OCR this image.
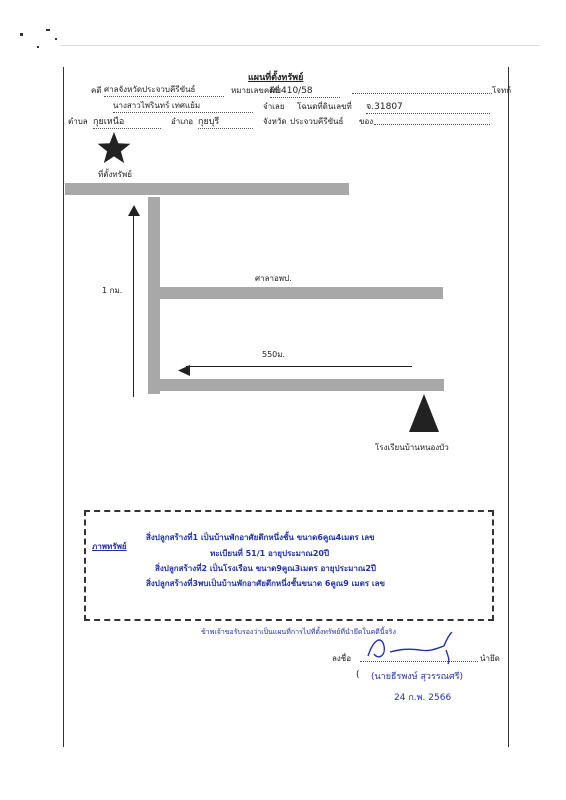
แผนที่ตั้งทรัพย์
คดี ศาลจังหวัดประจวบคีรีขันธ์	หมายเลขคดีที่
ผบ410/58	โจทก์
นางสาวไพรินทร์ เทศแย้ม	จำเลย โฉนดที่ดินเลขที่ จ.31807
ตำบล กุยเหนือ	อำเภอ กุยบุรี	จังหวัด ประจวบคีรีขันธ์ ของ
ที่ตั้งทรัพย์
ศาลาอพป.
1 กม.
550ม.
โรงเรียนบ้านหนองบัว
ภาพทรัพย์
สิ่งปลูกสร้างที่1 เป็นบ้านพักอาศัยตึกหนึ่งชั้น ขนาด6คูณ4เมตร เลข
ทะเบียนที่ 51/1 อายุประมาณ20ปี
สิ่งปลูกสร้างที่2 เป็นโรงเรือน ขนาด9คูณ3เมตร อายุประมาณ2ปี
สิ่งปลูกสร้างที่3พบเป็นบ้านพักอาศัยตึกหนึ่งชั้นขนาด 6คูณ9 เมตร เลข
ข้าพเจ้าขอรับรองว่าเป็นแผนที่การไปที่ตั้งทรัพย์ที่นำยึดในคดีนี้จริง
ลงชื่อ	นำยึด
( (นายธีรพงษ์ สุวรรณศรี)
24 ก.พ. 2566
